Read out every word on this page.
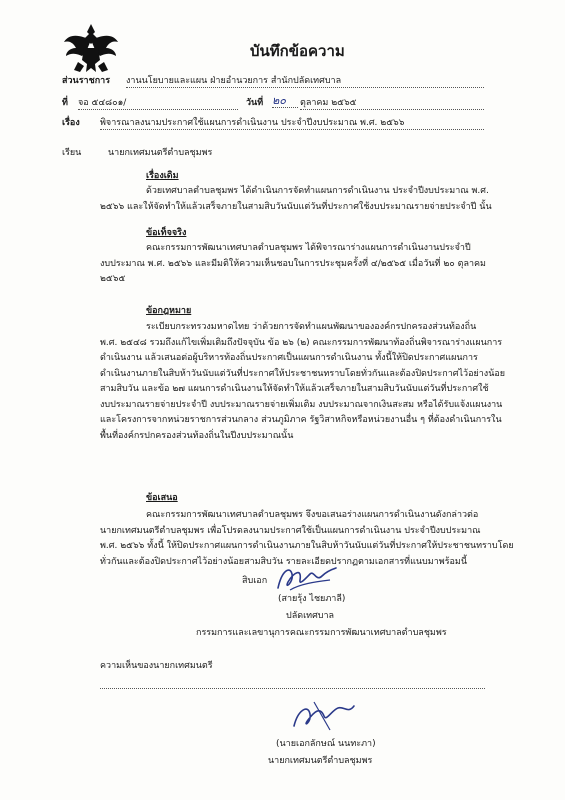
บันทึกข้อความ
ส่วนราชการ งานนโยบายและแผน ฝ่ายอำนวยการ สำนักปลัดเทศบาล
ที่ จอ ๕๔๘๐๑/	วันที่ ๒๐	ตุลาคม ๒๕๖๕
เรื่อง พิจารณาลงนามประกาศใช้แผนการดำเนินงาน ประจำปีงบประมาณ พ.ศ. ๒๕๖๖
เรียน	นายกเทศมนตรีตำบลชุมพร
เรื่องเดิม
ด้วยเทศบาลตำบลชุมพร ได้ดำเนินการจัดทำแผนการดำเนินงาน ประจำปีงบประมาณ พ.ศ.
๒๕๖๖ และให้จัดทำให้แล้วเสร็จภายในสามสิบวันนับแต่วันที่ประกาศใช้งบประมาณรายจ่ายประจำปี นั้น
ข้อเท็จจริง
คณะกรรมการพัฒนาเทศบาลตำบลชุมพร ได้พิจารณาร่างแผนการดำเนินงานประจำปี
งบประมาณ พ.ศ. ๒๕๖๖ และมีมติให้ความเห็นชอบในการประชุมครั้งที่ ๔/๒๕๖๕ เมื่อวันที่ ๒๐ ตุลาคม
๒๕๖๕
ข้อกฎหมาย
ระเบียบกระทรวงมหาดไทย ว่าด้วยการจัดทำแผนพัฒนาขององค์กรปกครองส่วนท้องถิ่น
พ.ศ. ๒๕๔๘ รวมถึงแก้ไขเพิ่มเติมถึงปัจจุบัน ข้อ ๒๖ (๒) คณะกรรมการพัฒนาท้องถิ่นพิจารณาร่างแผนการ
ดำเนินงาน แล้วเสนอต่อผู้บริหารท้องถิ่นประกาศเป็นแผนการดำเนินงาน ทั้งนี้ให้ปิดประกาศแผนการ
ดำเนินงานภายในสิบห้าวันนับแต่วันที่ประกาศให้ประชาชนทราบโดยทั่วกันและต้องปิดประกาศไว้อย่างน้อย
สามสิบวัน และข้อ ๒๗ แผนการดำเนินงานให้จัดทำให้แล้วเสร็จภายในสามสิบวันนับแต่วันที่ประกาศใช้
งบประมาณรายจ่ายประจำปี งบประมาณรายจ่ายเพิ่มเติม งบประมาณจากเงินสะสม หรือได้รับแจ้งแผนงาน
และโครงการจากหน่วยราชการส่วนกลาง ส่วนภูมิภาค รัฐวิสาหกิจหรือหน่วยงานอื่น ๆ ที่ต้องดำเนินการใน
พื้นที่องค์กรปกครองส่วนท้องถิ่นในปีงบประมาณนั้น
ข้อเสนอ
คณะกรรมการพัฒนาเทศบาลตำบลชุมพร จึงขอเสนอร่างแผนการดำเนินงานดังกล่าวต่อ
นายกเทศมนตรีตำบลชุมพร เพื่อโปรดลงนามประกาศใช้เป็นแผนการดำเนินงาน ประจำปีงบประมาณ
พ.ศ. ๒๕๖๖ ทั้งนี้ ให้ปิดประกาศแผนการดำเนินงานภายในสิบห้าวันนับแต่วันที่ประกาศให้ประชาชนทราบโดย
ทั่วกันและต้องปิดประกาศไว้อย่างน้อยสามสิบวัน รายละเอียดปรากฏตามเอกสารที่แนบมาพร้อมนี้
สิบเอก
(สายรุ้ง ไชยภาลี)
ปลัดเทศบาล
กรรมการและเลขานุการคณะกรรมการพัฒนาเทศบาลตำบลชุมพร
ความเห็นของนายกเทศมนตรี
(นายเอกลักษณ์ นนทะภา)
นายกเทศมนตรีตำบลชุมพร
